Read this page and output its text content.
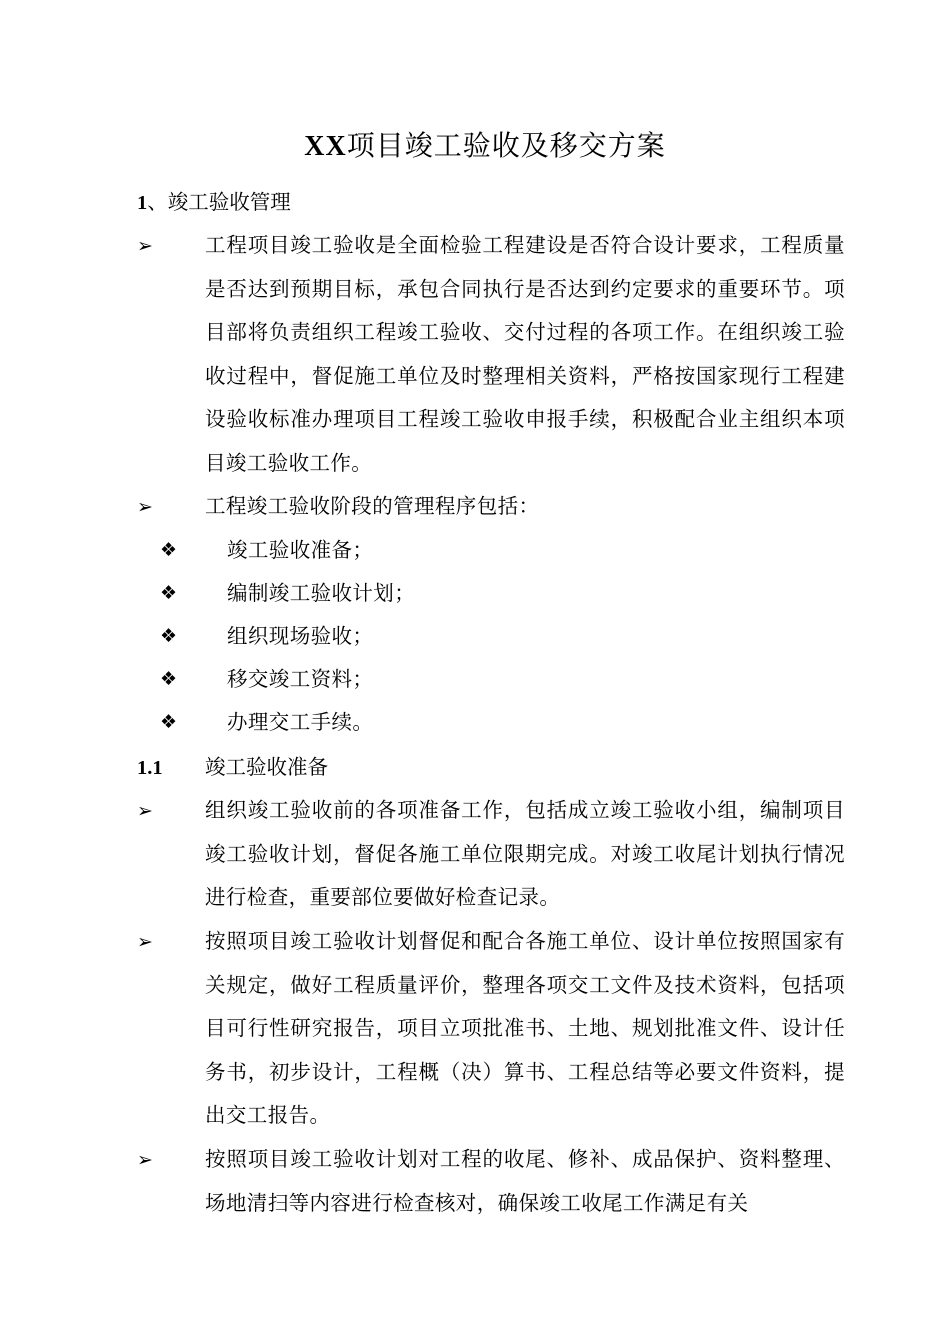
XX项目竣工验收及移交方案
1、竣工验收管理
➢	工程项目竣工验收是全面检验工程建设是否符合设计要求，工程质量是否达到预期目标，承包合同执行是否达到约定要求的重要环节。项目部将负责组织工程竣工验收、交付过程的各项工作。在组织竣工验收过程中，督促施工单位及时整理相关资料，严格按国家现行工程建设验收标准办理项目工程竣工验收申报手续，积极配合业主组织本项目竣工验收工作。
➢	工程竣工验收阶段的管理程序包括：
❖ 竣工验收准备；
❖ 编制竣工验收计划；
❖ 组织现场验收；
❖ 移交竣工资料；
❖ 办理交工手续。
1.1 竣工验收准备
➢	组织竣工验收前的各项准备工作，包括成立竣工验收小组，编制项目竣工验收计划，督促各施工单位限期完成。对竣工收尾计划执行情况进行检查，重要部位要做好检查记录。
➢	按照项目竣工验收计划督促和配合各施工单位、设计单位按照国家有关规定，做好工程质量评价，整理各项交工文件及技术资料，包括项目可行性研究报告，项目立项批准书、土地、规划批准文件、设计任务书，初步设计，工程概（决）算书、工程总结等必要文件资料，提出交工报告。
➢	按照项目竣工验收计划对工程的收尾、修补、成品保护、资料整理、场地清扫等内容进行检查核对，确保竣工收尾工作满足有关
